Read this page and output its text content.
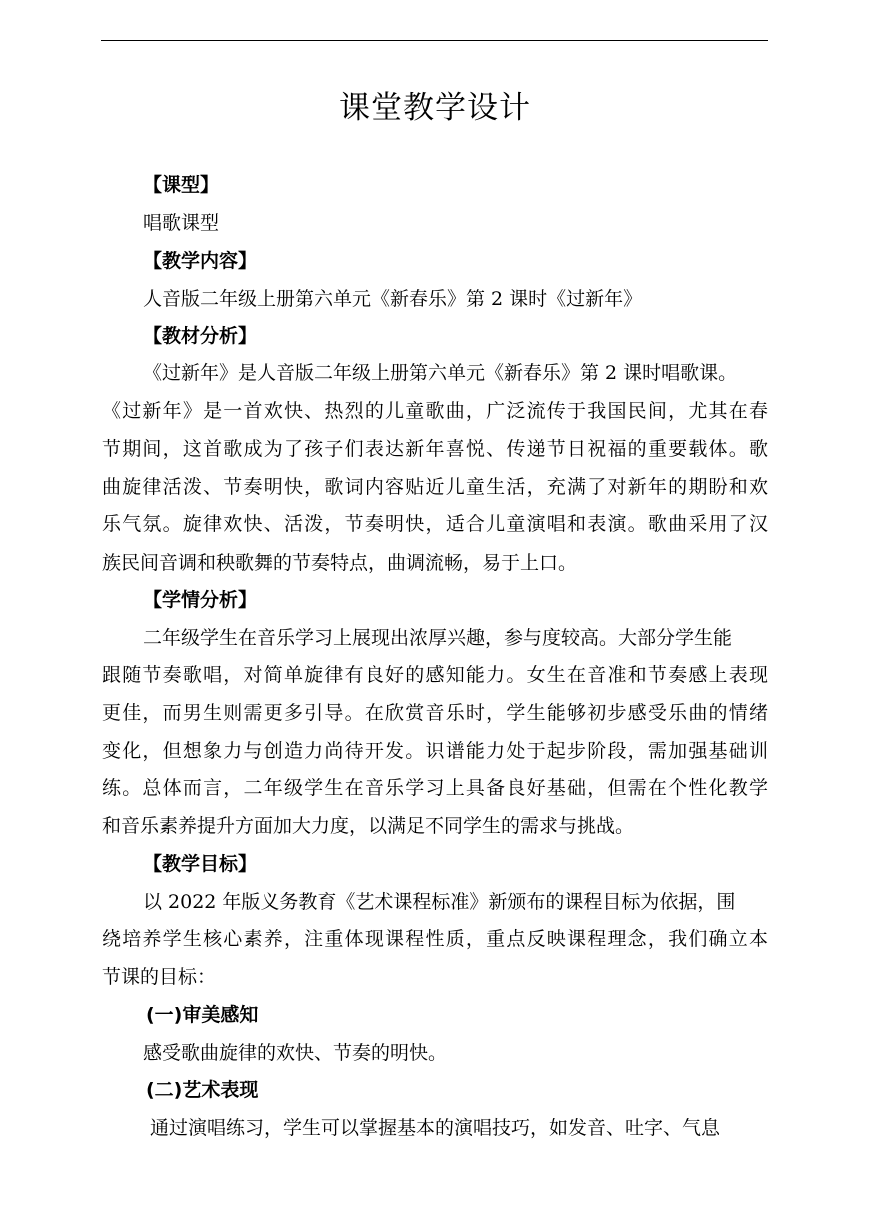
课堂教学设计
【课型】
唱歌课型
【教学内容】
人音版二年级上册第六单元《新春乐》第 2 课时《过新年》
【教材分析】
《过新年》是人音版二年级上册第六单元《新春乐》第 2 课时唱歌课。
《过新年》是一首欢快、热烈的儿童歌曲，广泛流传于我国民间，尤其在春
节期间，这首歌成为了孩子们表达新年喜悦、传递节日祝福的重要载体。歌
曲旋律活泼、节奏明快，歌词内容贴近儿童生活，充满了对新年的期盼和欢
乐气氛。旋律欢快、活泼，节奏明快，适合儿童演唱和表演。歌曲采用了汉
族民间音调和秧歌舞的节奏特点，曲调流畅，易于上口。
【学情分析】
二年级学生在音乐学习上展现出浓厚兴趣，参与度较高。大部分学生能
跟随节奏歌唱，对简单旋律有良好的感知能力。女生在音准和节奏感上表现
更佳，而男生则需更多引导。在欣赏音乐时，学生能够初步感受乐曲的情绪
变化，但想象力与创造力尚待开发。识谱能力处于起步阶段，需加强基础训
练。总体而言，二年级学生在音乐学习上具备良好基础，但需在个性化教学
和音乐素养提升方面加大力度，以满足不同学生的需求与挑战。
【教学目标】
以 2022 年版义务教育《艺术课程标准》新颁布的课程目标为依据，围
绕培养学生核心素养，注重体现课程性质，重点反映课程理念，我们确立本
节课的目标：
(一)审美感知
感受歌曲旋律的欢快、节奏的明快。
(二)艺术表现
通过演唱练习，学生可以掌握基本的演唱技巧，如发音、吐字、气息
